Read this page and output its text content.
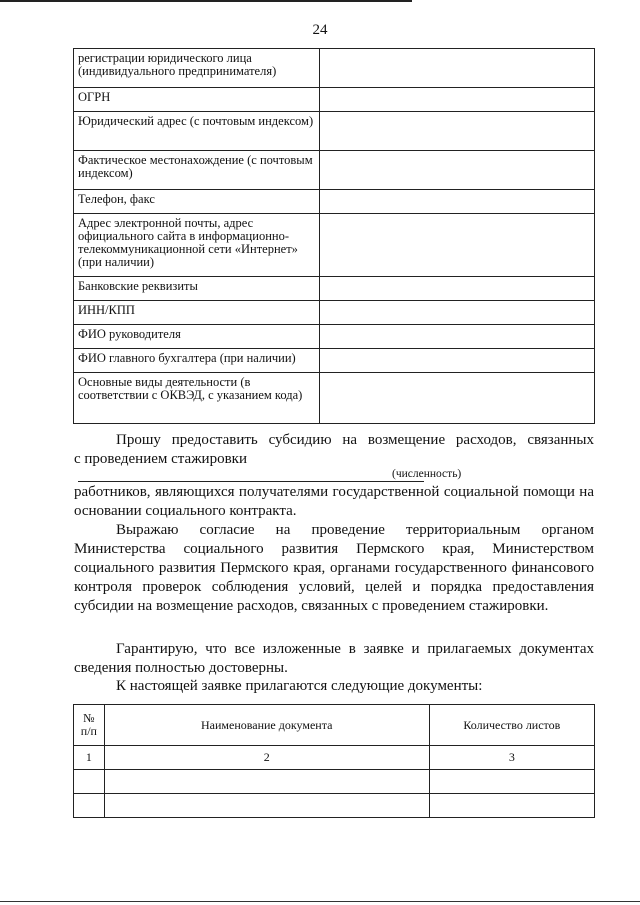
24
регистрации юридического лица (индивидуального предпринимателя)	
ОГРН	
Юридический адрес (с почтовым индексом)	
Фактическое местонахождение (с почтовым индексом)	
Телефон, факс	
Адрес электронной почты, адрес официального сайта в информационно-телекоммуникационной сети «Интернет» (при наличии)	
Банковские реквизиты	
ИНН/КПП	
ФИО руководителя	
ФИО главного бухгалтера (при наличии)	
Основные виды деятельности (в соответствии с ОКВЭД, с указанием кода)	
Прошу предоставить субсидию на возмещение расходов, связанных
с проведением стажировки
(численность)
работников, являющихся получателями государственной социальной помощи на основании социального контракта.
Выражаю согласие на проведение территориальным органом Министерства социального развития Пермского края, Министерством социального развития Пермского края, органами государственного финансового контроля проверок соблюдения условий, целей и порядка предоставления субсидии на возмещение расходов, связанных с проведением стажировки.
Гарантирую, что все изложенные в заявке и прилагаемых документах сведения полностью достоверны.
К настоящей заявке прилагаются следующие документы:
№ п/п	Наименование документа	Количество листов
1	2	3
